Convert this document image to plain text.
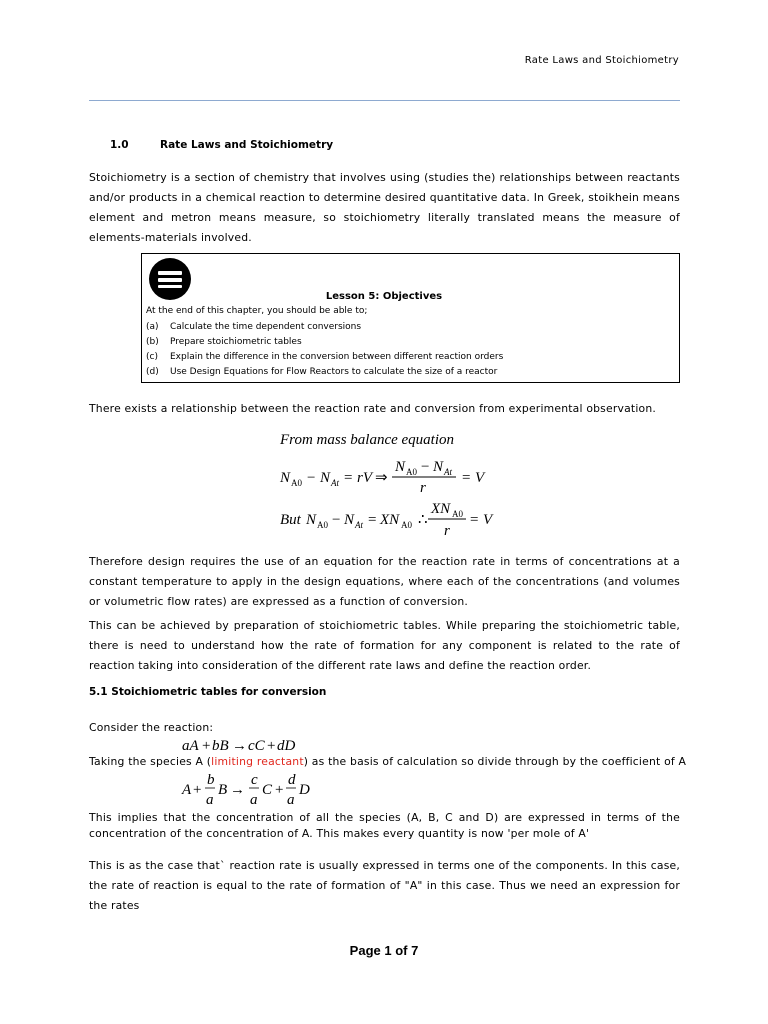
Rate Laws and Stoichiometry
1.0	Rate Laws and Stoichiometry
Stoichiometry is a section of chemistry that involves using (studies the) relationships between reactants and/or products in a chemical reaction to determine desired quantitative data. In Greek, stoikhein means element and metron means measure, so stoichiometry literally translated means the measure of elements-materials involved.
Lesson 5: Objectives
At the end of this chapter, you should be able to;
(a) Calculate the time dependent conversions
(b) Prepare stoichiometric tables
(c) Explain the difference in the conversion between different reaction orders
(d) Use Design Equations for Flow Reactors to calculate the size of a reactor
There exists a relationship between the reaction rate and conversion from experimental observation.
From mass balance equation
N A0 − N At = rV ⇒
N A0 − N At
r
= V
But N A0 − N At = XN A0 ∴
XN A0
r
= V
Therefore design requires the use of an equation for the reaction rate in terms of concentrations at a constant temperature to apply in the design equations, where each of the concentrations (and volumes or volumetric flow rates) are expressed as a function of conversion.
This can be achieved by preparation of stoichiometric tables. While preparing the stoichiometric table, there is need to understand how the rate of formation for any component is related to the rate of reaction taking into consideration of the different rate laws and define the reaction order.
5.1 Stoichiometric tables for conversion
Consider the reaction:
aA + bB → cC + dD
Taking the species A (limiting reactant) as the basis of calculation so divide through by the coefficient of A
A +
b
a
B →
c
a
C +
d
a
D
This implies that the concentration of all the species (A, B, C and D) are expressed in terms of the concentration of the concentration of A. This makes every quantity is now 'per mole of A'
This is as the case that` reaction rate is usually expressed in terms one of the components. In this case, the rate of reaction is equal to the rate of formation of "A" in this case. Thus we need an expression for the rates
Page 1 of 7
